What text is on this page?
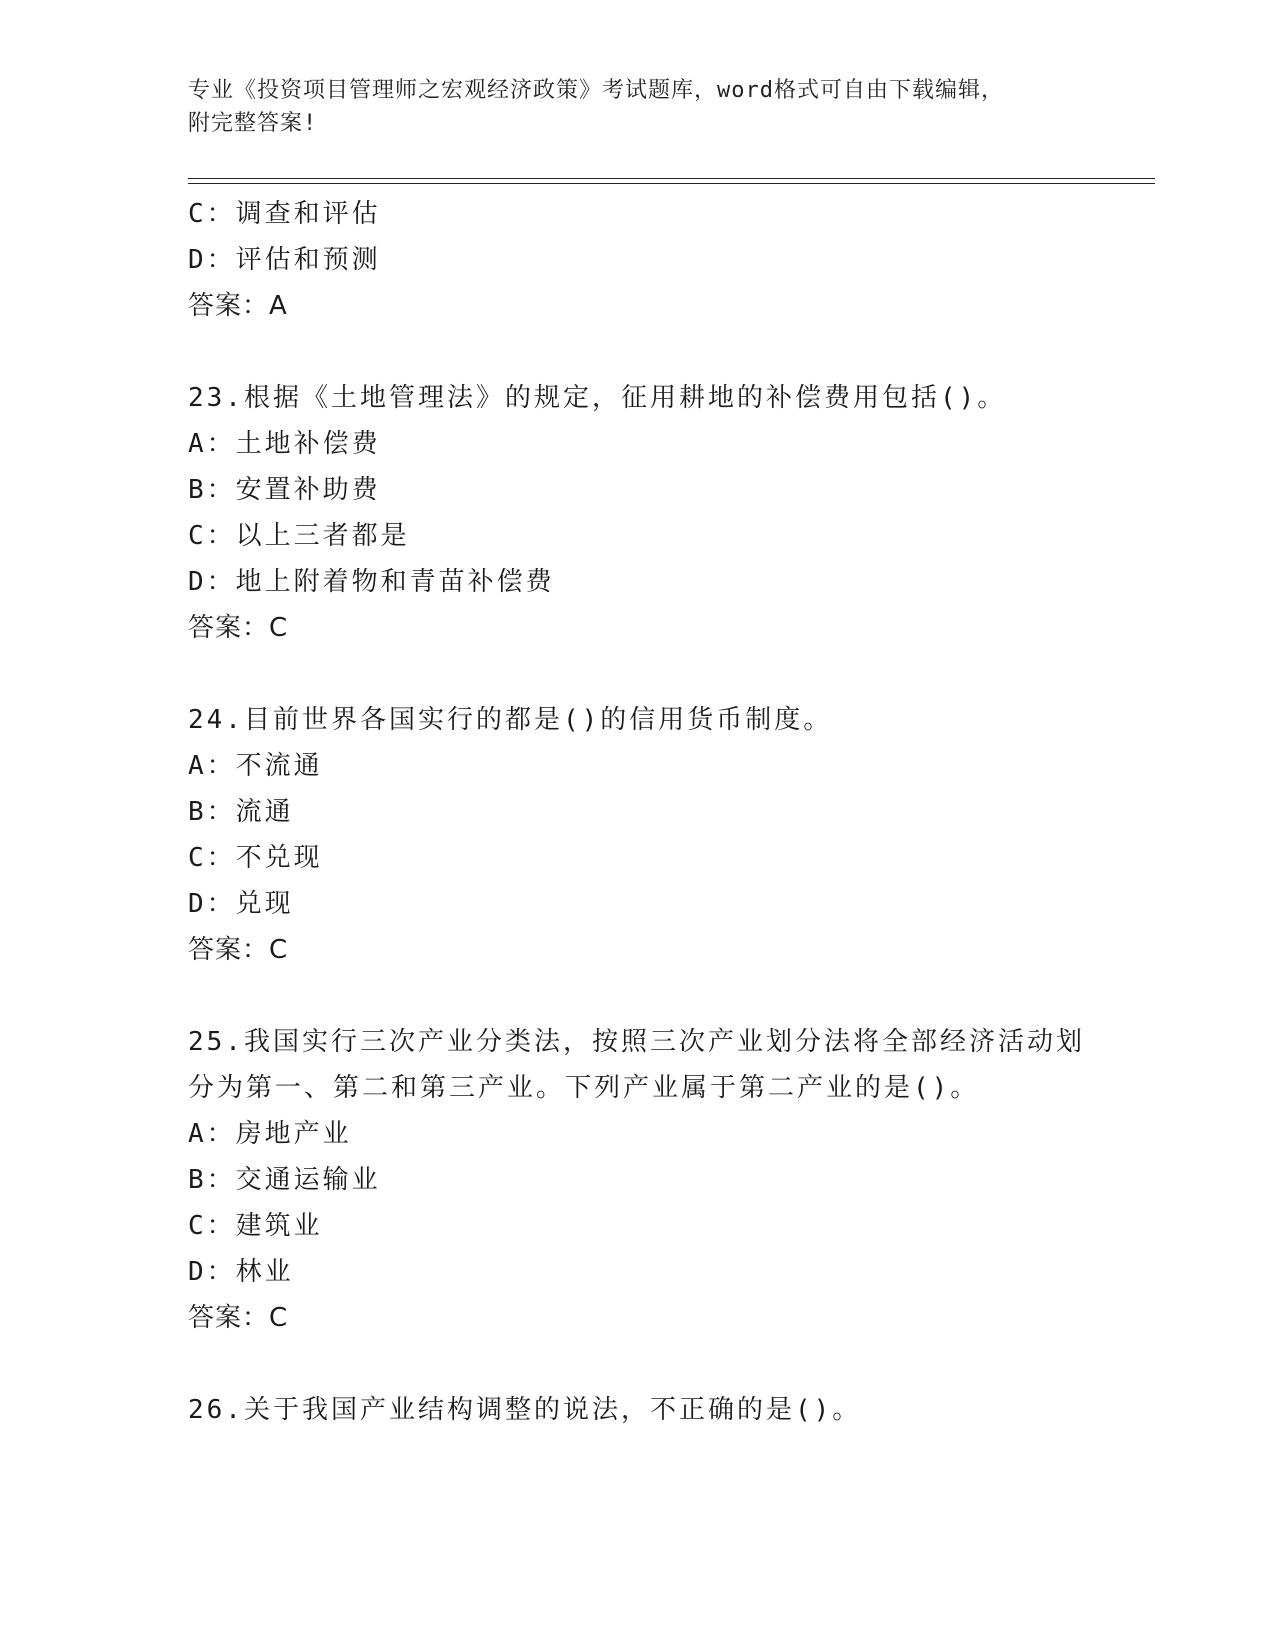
专业《投资项目管理师之宏观经济政策》考试题库，word格式可自由下载编辑，
附完整答案!
C：调查和评估
D：评估和预测
答案：A
23.根据《土地管理法》的规定，征用耕地的补偿费用包括()。
A：土地补偿费
B：安置补助费
C：以上三者都是
D：地上附着物和青苗补偿费
答案：C
24.目前世界各国实行的都是()的信用货币制度。
A：不流通
B：流通
C：不兑现
D：兑现
答案：C
25.我国实行三次产业分类法，按照三次产业划分法将全部经济活动划
分为第一、第二和第三产业。下列产业属于第二产业的是()。
A：房地产业
B：交通运输业
C：建筑业
D：林业
答案：C
26.关于我国产业结构调整的说法，不正确的是()。
